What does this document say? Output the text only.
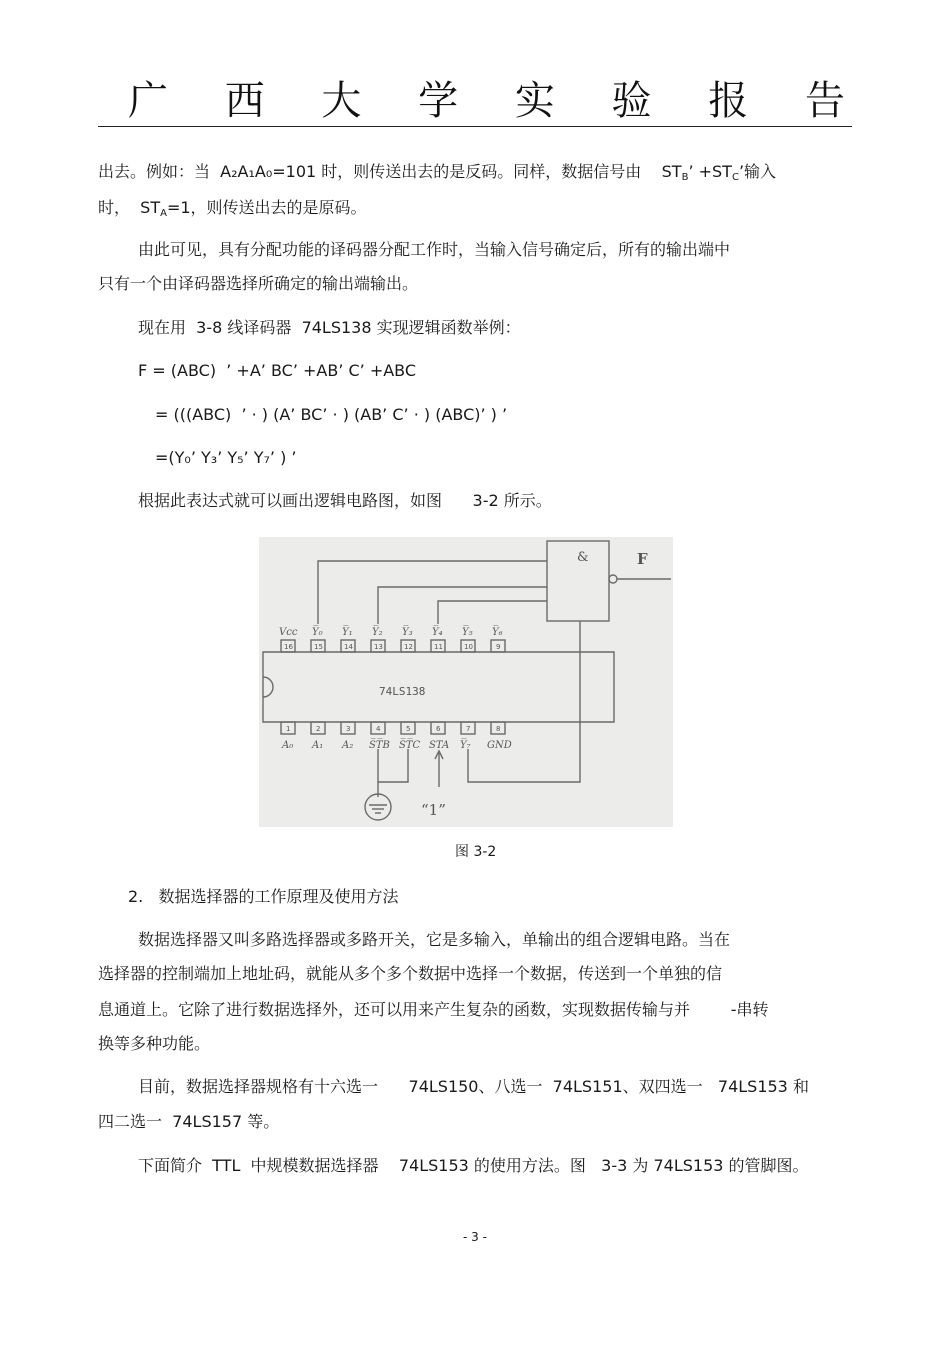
广 西 大 学 实 验 报 告
出去。例如：当  A₂A₁A₀=101 时，则传送出去的是反码。同样，数据信号由    $ST_B$’ $+ST_C$’输入
时，  $ST_A=1$，则传送出去的是原码。
由此可见，具有分配功能的译码器分配工作时，当输入信号确定后，所有的输出端中
只有一个由译码器选择所确定的输出端输出。
现在用  3-8 线译码器  74LS138 实现逻辑函数举例：
F = (ABC)  ’ +A’ BC’ +AB’ C’ +ABC
= (((ABC)  ’ · ) (A’ BC’ · ) (AB’ C’ · ) (ABC)’ ) ’
=(Y₀’ Y₃’ Y₅’ Y₇’ ) ’
根据此表达式就可以画出逻辑电路图，如图      3-2 所示。
&	F
74LS138
“1”
Vcc
16
Y̅₀
15
Y̅₁
14
Y̅₂
13
Y̅₃
12
Y̅₄
11
Y̅₅
10
Y̅₆
9
1
A₀
2
A₁
3
A₂
4
S̅T̅B
5
S̅T̅C
6
STA
7
Y̅₇
8
GND
图 3-2
2.   数据选择器的工作原理及使用方法
数据选择器又叫多路选择器或多路开关，它是多输入，单输出的组合逻辑电路。当在
选择器的控制端加上地址码，就能从多个多个数据中选择一个数据，传送到一个单独的信
息通道上。它除了进行数据选择外，还可以用来产生复杂的函数，实现数据传输与并        -串转
换等多种功能。
目前，数据选择器规格有十六选一      74LS150、八选一  74LS151、双四选一   74LS153 和
四二选一  74LS157 等。
下面简介  TTL  中规模数据选择器    74LS153 的使用方法。图   3-3 为 74LS153 的管脚图。
- 3 -
